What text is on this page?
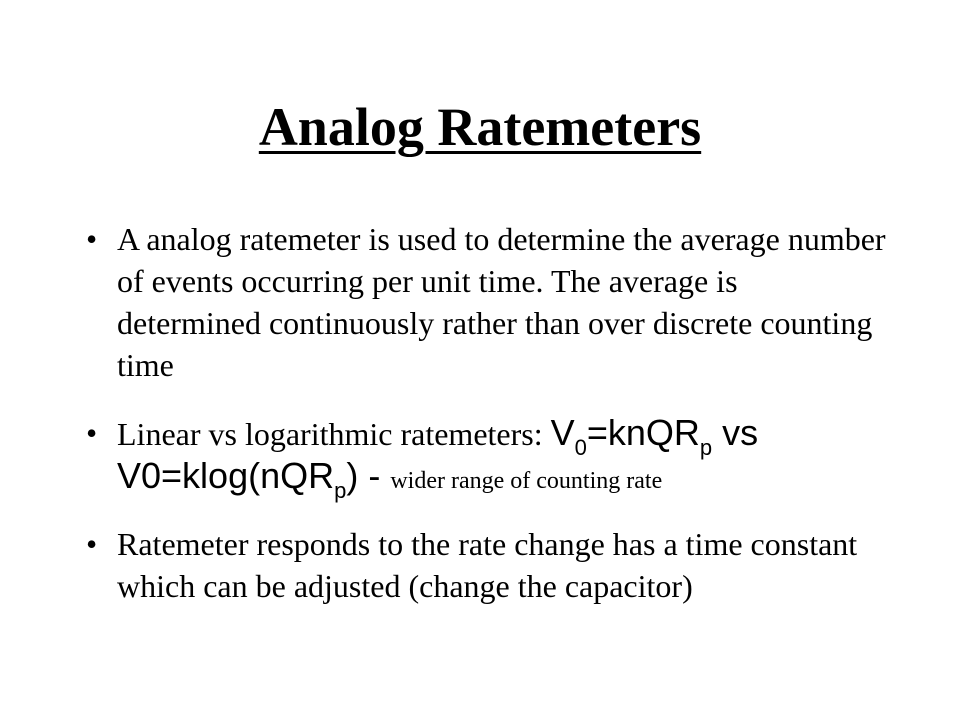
Analog Ratemeters
• A analog ratemeter is used to determine the average number of events occurring per unit time. The average is determined continuously rather than over discrete counting time
• Linear vs logarithmic ratemeters: $V_0=knQR_p$ vs V0=klog(nQR$_p$) - wider range of counting rate
• Ratemeter responds to the rate change has a time constant which can be adjusted (change the capacitor)
